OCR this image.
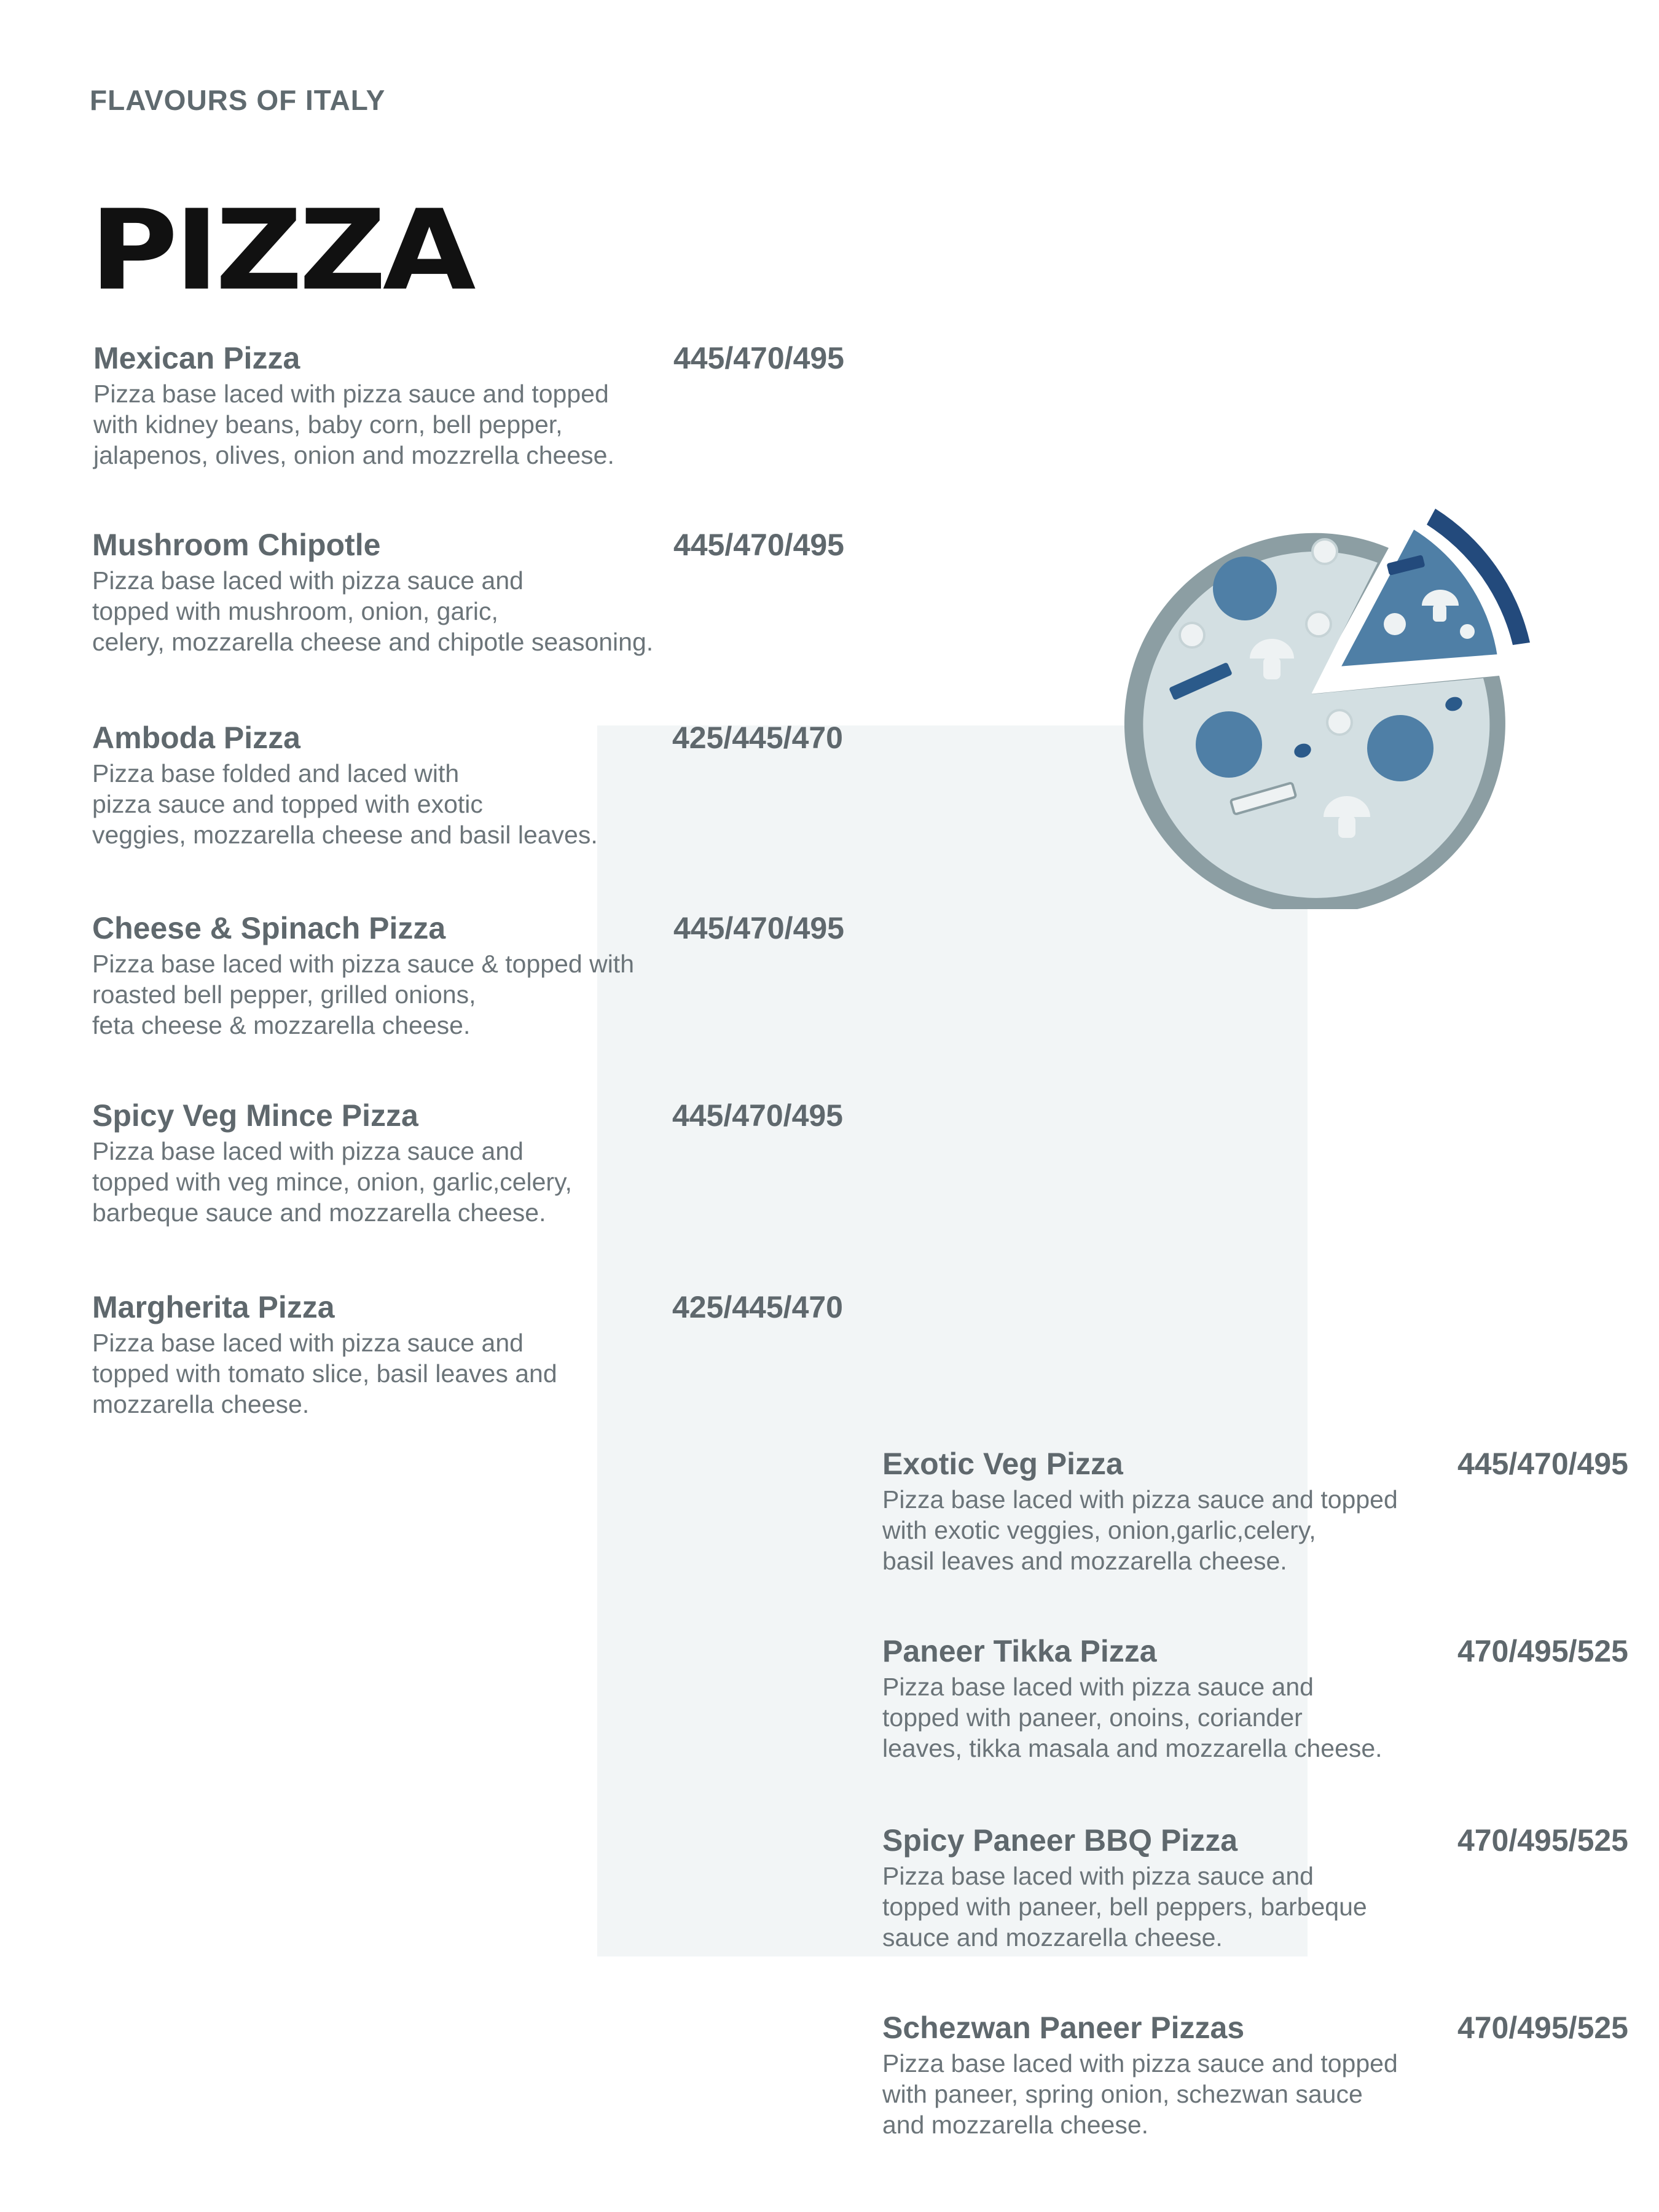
FLAVOURS OF ITALY
PIZZA
Mexican Pizza	445/470/495
Pizza base laced with pizza sauce and topped
with kidney beans, baby corn, bell pepper,
jalapenos, olives, onion and mozzrella cheese.
Mushroom Chipotle	445/470/495
Pizza base laced with pizza sauce and
topped with mushroom, onion, garic,
celery, mozzarella cheese and chipotle seasoning.
Amboda Pizza	425/445/470
Pizza base folded and laced with
pizza sauce and topped with exotic
veggies, mozzarella cheese and basil leaves.
Cheese & Spinach Pizza	445/470/495
Pizza base laced with pizza sauce & topped with
roasted bell pepper, grilled onions,
feta cheese & mozzarella cheese.
Spicy Veg Mince Pizza	445/470/495
Pizza base laced with pizza sauce and
topped with veg mince, onion, garlic,celery,
barbeque sauce and mozzarella cheese.
Margherita Pizza	425/445/470
Pizza base laced with pizza sauce and
topped with tomato slice, basil leaves and
mozzarella cheese.
Exotic Veg Pizza	445/470/495
Pizza base laced with pizza sauce and topped
with exotic veggies, onion,garlic,celery,
basil leaves and mozzarella cheese.
Paneer Tikka Pizza	470/495/525
Pizza base laced with pizza sauce and
topped with paneer, onoins, coriander
leaves, tikka masala and mozzarella cheese.
Spicy Paneer BBQ Pizza	470/495/525
Pizza base laced with pizza sauce and
topped with paneer, bell peppers, barbeque
sauce and mozzarella cheese.
Schezwan Paneer Pizzas	470/495/525
Pizza base laced with pizza sauce and topped
with paneer, spring onion, schezwan sauce
and mozzarella cheese.
